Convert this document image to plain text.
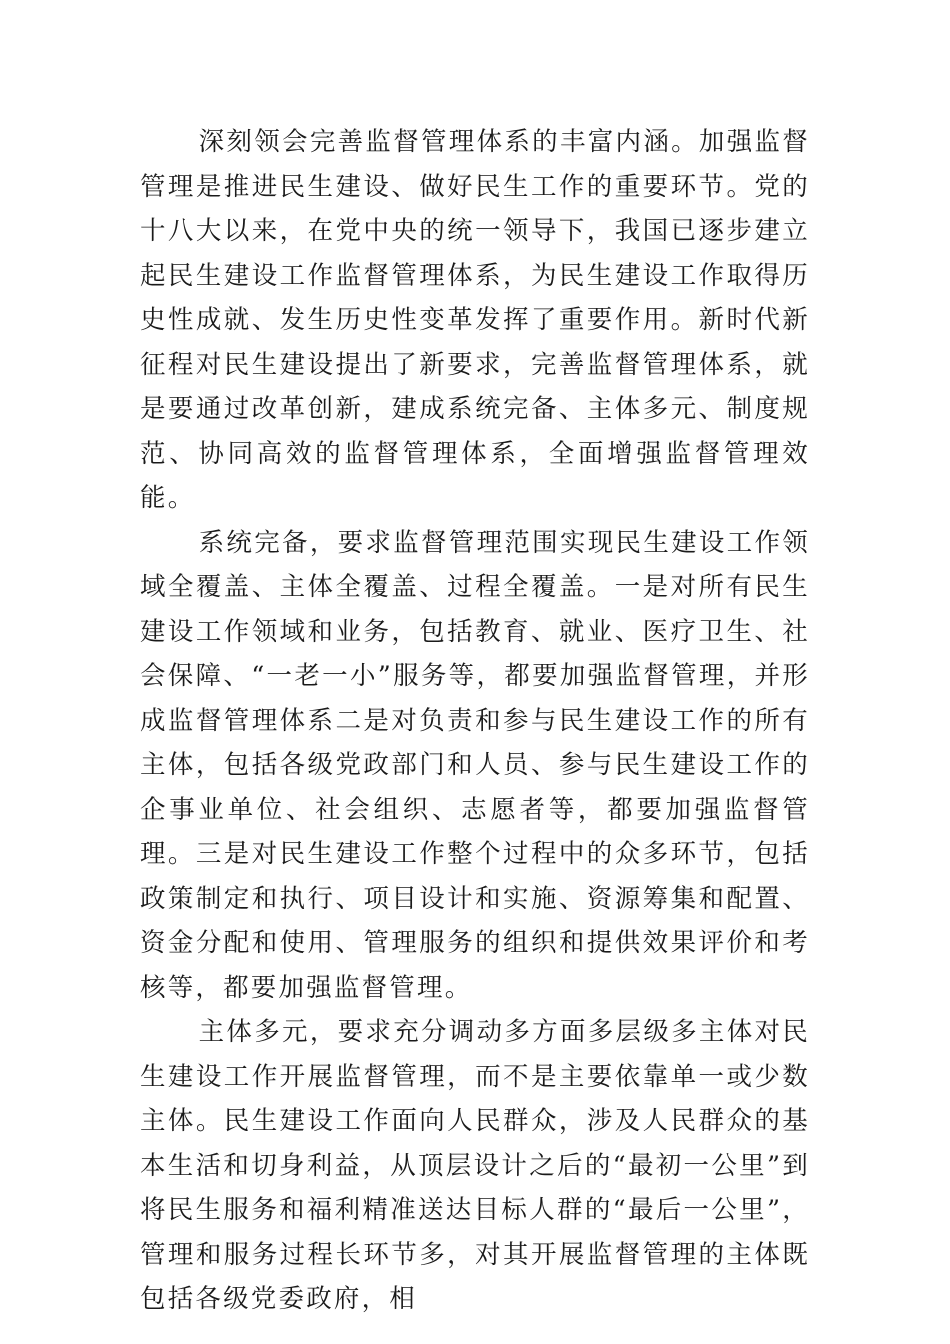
深刻领会完善监督管理体系的丰富内涵。加强监督管理是推进民生建设、做好民生工作的重要环节。党的十八大以来，在党中央的统一领导下，我国已逐步建立起民生建设工作监督管理体系，为民生建设工作取得历史性成就、发生历史性变革发挥了重要作用。新时代新征程对民生建设提出了新要求，完善监督管理体系，就是要通过改革创新，建成系统完备、主体多元、制度规范、协同高效的监督管理体系，全面增强监督管理效能。

系统完备，要求监督管理范围实现民生建设工作领域全覆盖、主体全覆盖、过程全覆盖。一是对所有民生建设工作领域和业务，包括教育、就业、医疗卫生、社会保障、“一老一小”服务等，都要加强监督管理，并形成监督管理体系二是对负责和参与民生建设工作的所有主体，包括各级党政部门和人员、参与民生建设工作的企事业单位、社会组织、志愿者等，都要加强监督管理。三是对民生建设工作整个过程中的众多环节，包括政策制定和执行、项目设计和实施、资源筹集和配置、资金分配和使用、管理服务的组织和提供效果评价和考核等，都要加强监督管理。

主体多元，要求充分调动多方面多层级多主体对民生建设工作开展监督管理，而不是主要依靠单一或少数主体。民生建设工作面向人民群众，涉及人民群众的基本生活和切身利益，从顶层设计之后的“最初一公里”到将民生服务和福利精准送达目标人群的“最后一公里”，管理和服务过程长环节多，对其开展监督管理的主体既包括各级党委政府，相
